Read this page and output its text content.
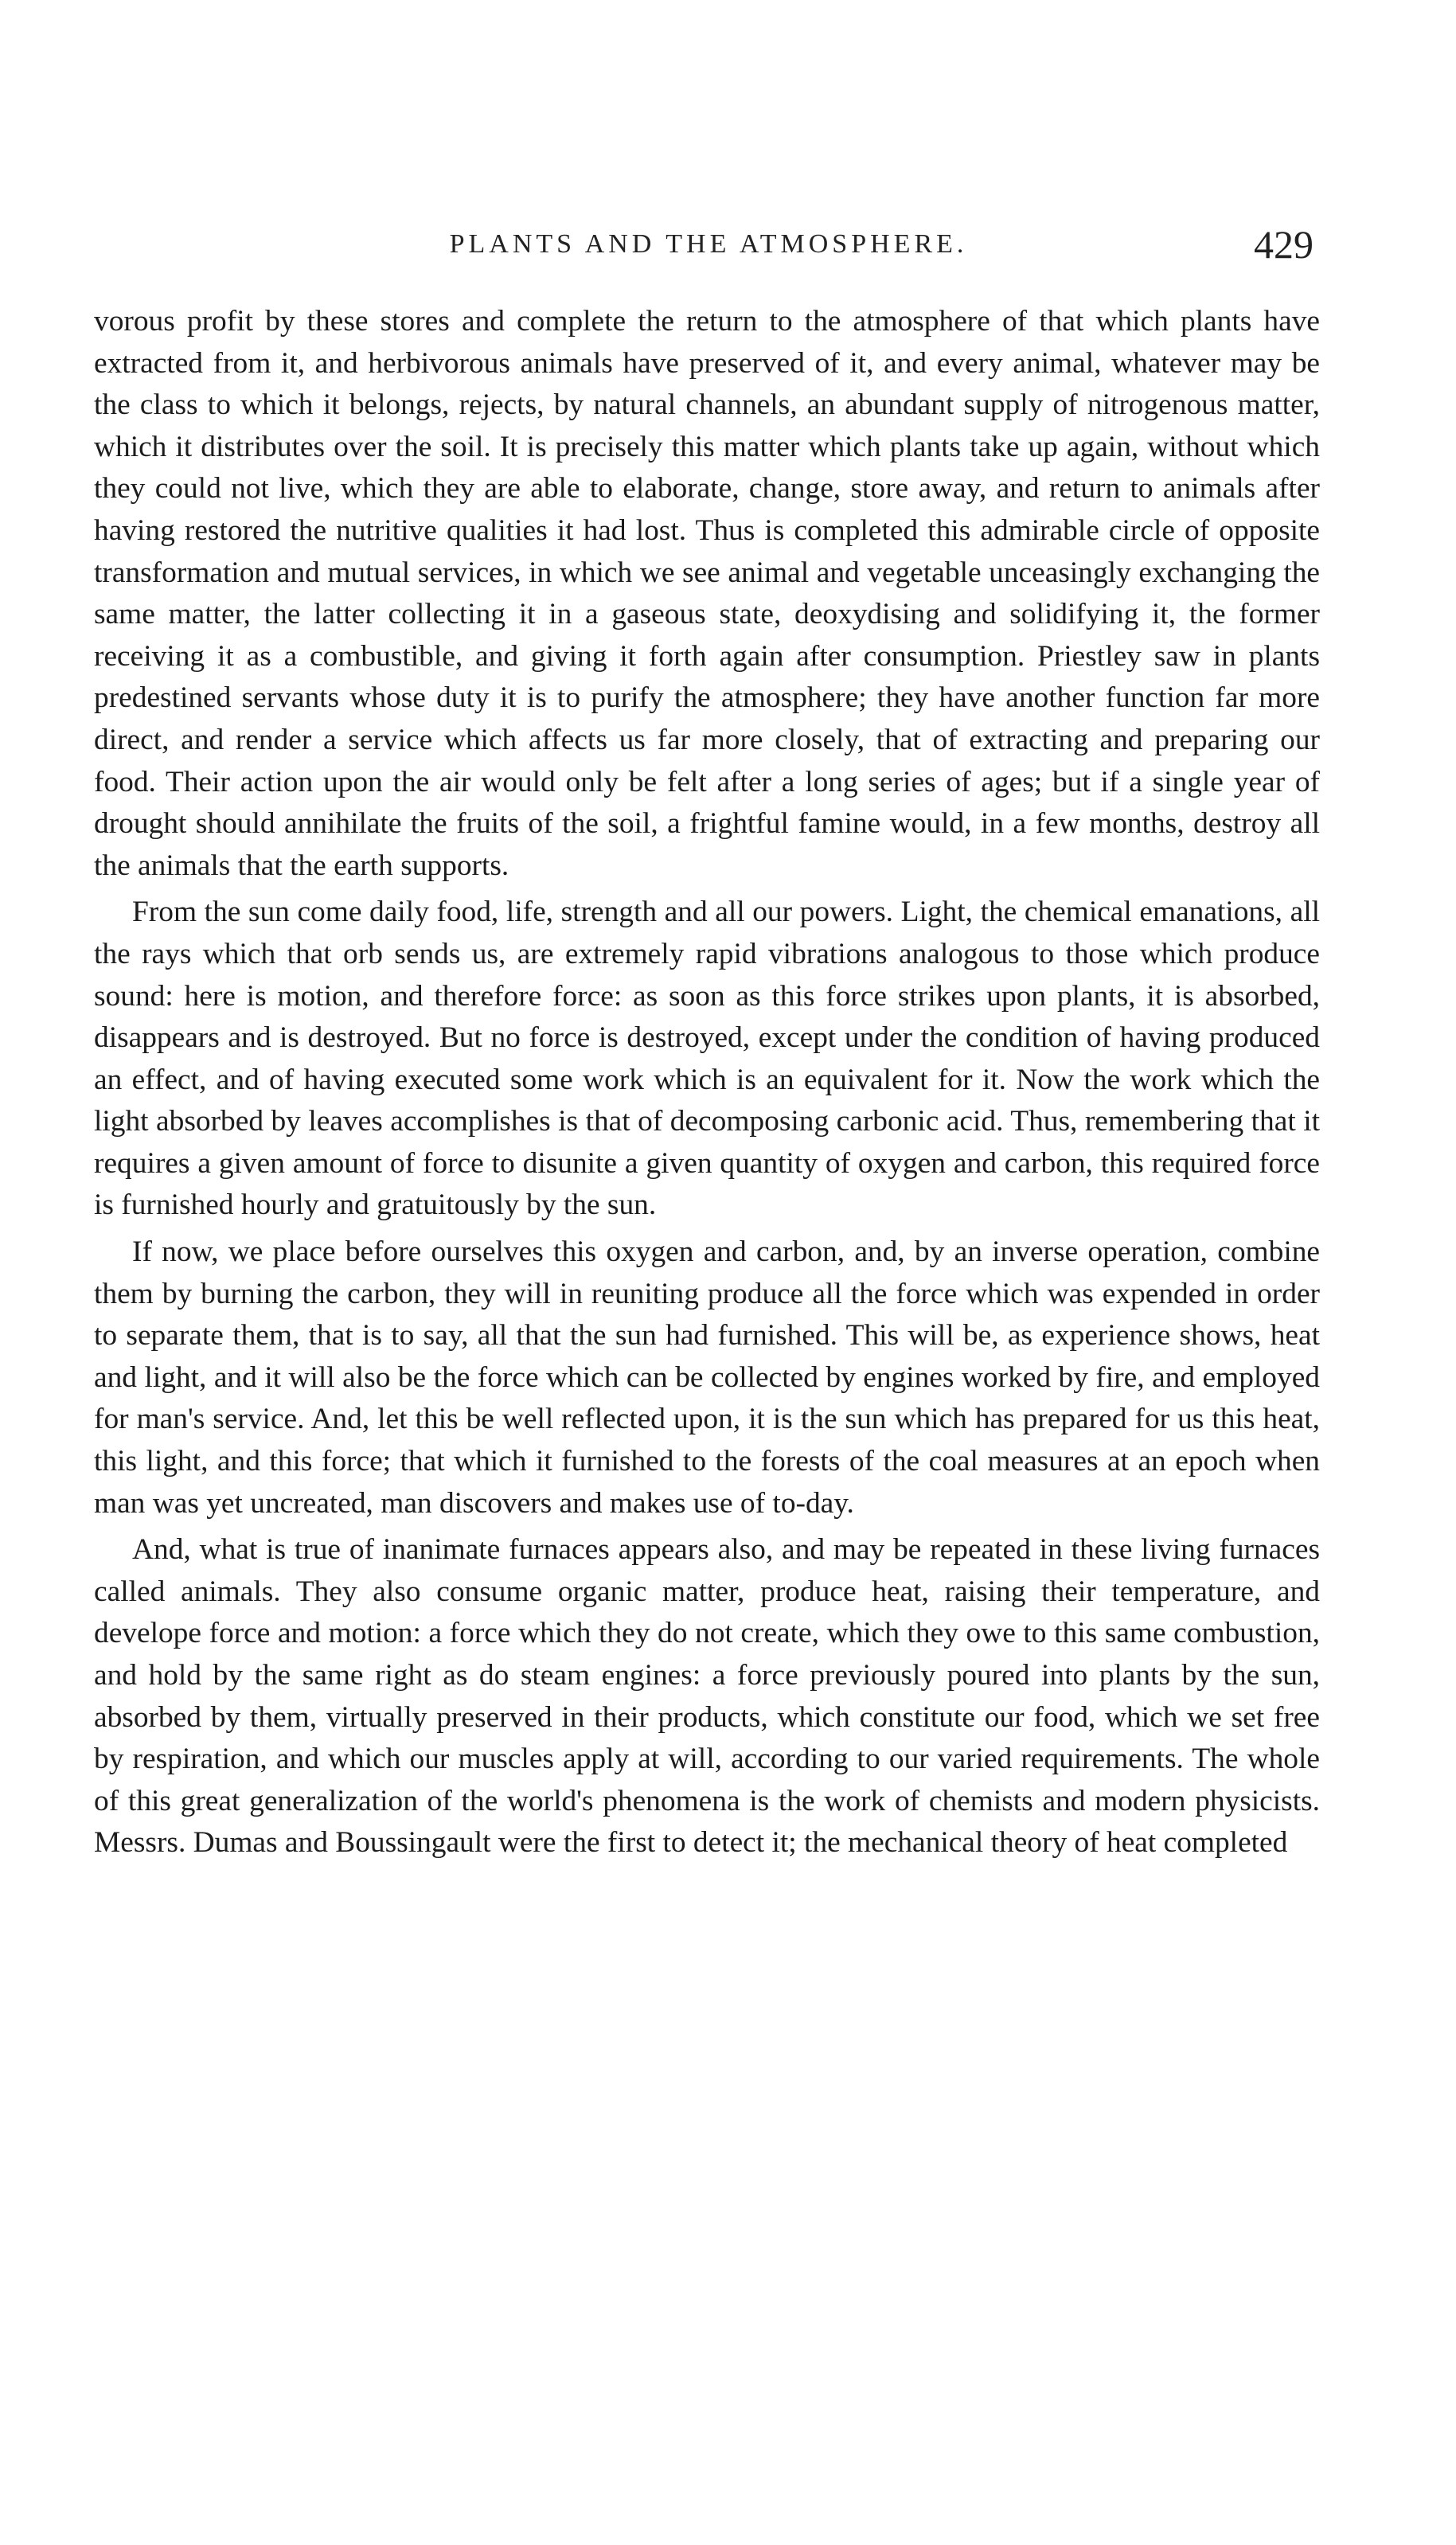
PLANTS AND THE ATMOSPHERE.	429

vorous profit by these stores and complete the return to the atmosphere of that which plants have extracted from it, and herbivorous animals have preserved of it, and every animal, whatever may be the class to which it belongs, rejects, by natural channels, an abundant supply of nitrogenous matter, which it distributes over the soil. It is precisely this matter which plants take up again, without which they could not live, which they are able to elaborate, change, store away, and return to animals after having restored the nutritive qualities it had lost. Thus is completed this admirable circle of opposite transformation and mutual services, in which we see animal and vegetable unceasingly exchanging the same matter, the latter collecting it in a gaseous state, deoxydising and solidifying it, the former receiving it as a combustible, and giving it forth again after consumption. Priestley saw in plants predestined servants whose duty it is to purify the atmosphere; they have another function far more direct, and render a service which affects us far more closely, that of extracting and preparing our food. Their action upon the air would only be felt after a long series of ages; but if a single year of drought should annihilate the fruits of the soil, a frightful famine would, in a few months, destroy all the animals that the earth supports.

From the sun come daily food, life, strength and all our powers. Light, the chemical emanations, all the rays which that orb sends us, are extremely rapid vibrations analogous to those which produce sound: here is motion, and therefore force: as soon as this force strikes upon plants, it is absorbed, disappears and is destroyed. But no force is destroyed, except under the condition of having produced an effect, and of having executed some work which is an equivalent for it. Now the work which the light absorbed by leaves accomplishes is that of decomposing carbonic acid. Thus, remembering that it requires a given amount of force to disunite a given quantity of oxygen and carbon, this required force is furnished hourly and gratuitously by the sun.

If now, we place before ourselves this oxygen and carbon, and, by an inverse operation, combine them by burning the carbon, they will in reuniting produce all the force which was expended in order to separate them, that is to say, all that the sun had furnished. This will be, as experience shows, heat and light, and it will also be the force which can be collected by engines worked by fire, and employed for man's service. And, let this be well reflected upon, it is the sun which has prepared for us this heat, this light, and this force; that which it furnished to the forests of the coal measures at an epoch when man was yet uncreated, man discovers and makes use of to-day.

And, what is true of inanimate furnaces appears also, and may be repeated in these living furnaces called animals. They also consume organic matter, produce heat, raising their temperature, and develope force and motion: a force which they do not create, which they owe to this same combustion, and hold by the same right as do steam engines: a force previously poured into plants by the sun, absorbed by them, virtually preserved in their products, which constitute our food, which we set free by respiration, and which our muscles apply at will, according to our varied requirements. The whole of this great generalization of the world's phenomena is the work of chemists and modern physicists. Messrs. Dumas and Boussingault were the first to detect it; the mechanical theory of heat completed
